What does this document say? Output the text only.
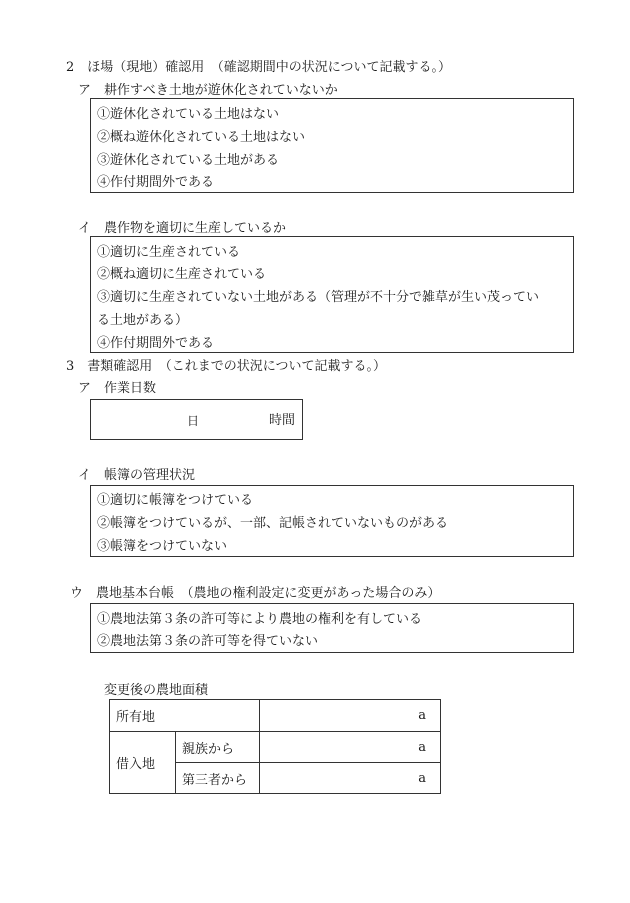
2　ほ場（現地）確認用　（確認期間中の状況について記載する。）
ア　耕作すべき土地が遊休化されていないか
①遊休化されている土地はない
②概ね遊休化されている土地はない
③遊休化されている土地がある
④作付期間外である
イ　農作物を適切に生産しているか
①適切に生産されている
②概ね適切に生産されている
③適切に生産されていない土地がある（管理が不十分で雑草が生い茂ってい
る土地がある）
④作付期間外である
3　書類確認用　（これまでの状況について記載する。）
ア　作業日数
日	時間
イ　帳簿の管理状況
①適切に帳簿をつけている
②帳簿をつけているが、一部、記帳されていないものがある
③帳簿をつけていない
ウ　農地基本台帳　（農地の権利設定に変更があった場合のみ）
①農地法第３条の許可等により農地の権利を有している
②農地法第３条の許可等を得ていない
変更後の農地面積
所有地		a
借入地	親族から	a
	第三者から	a
